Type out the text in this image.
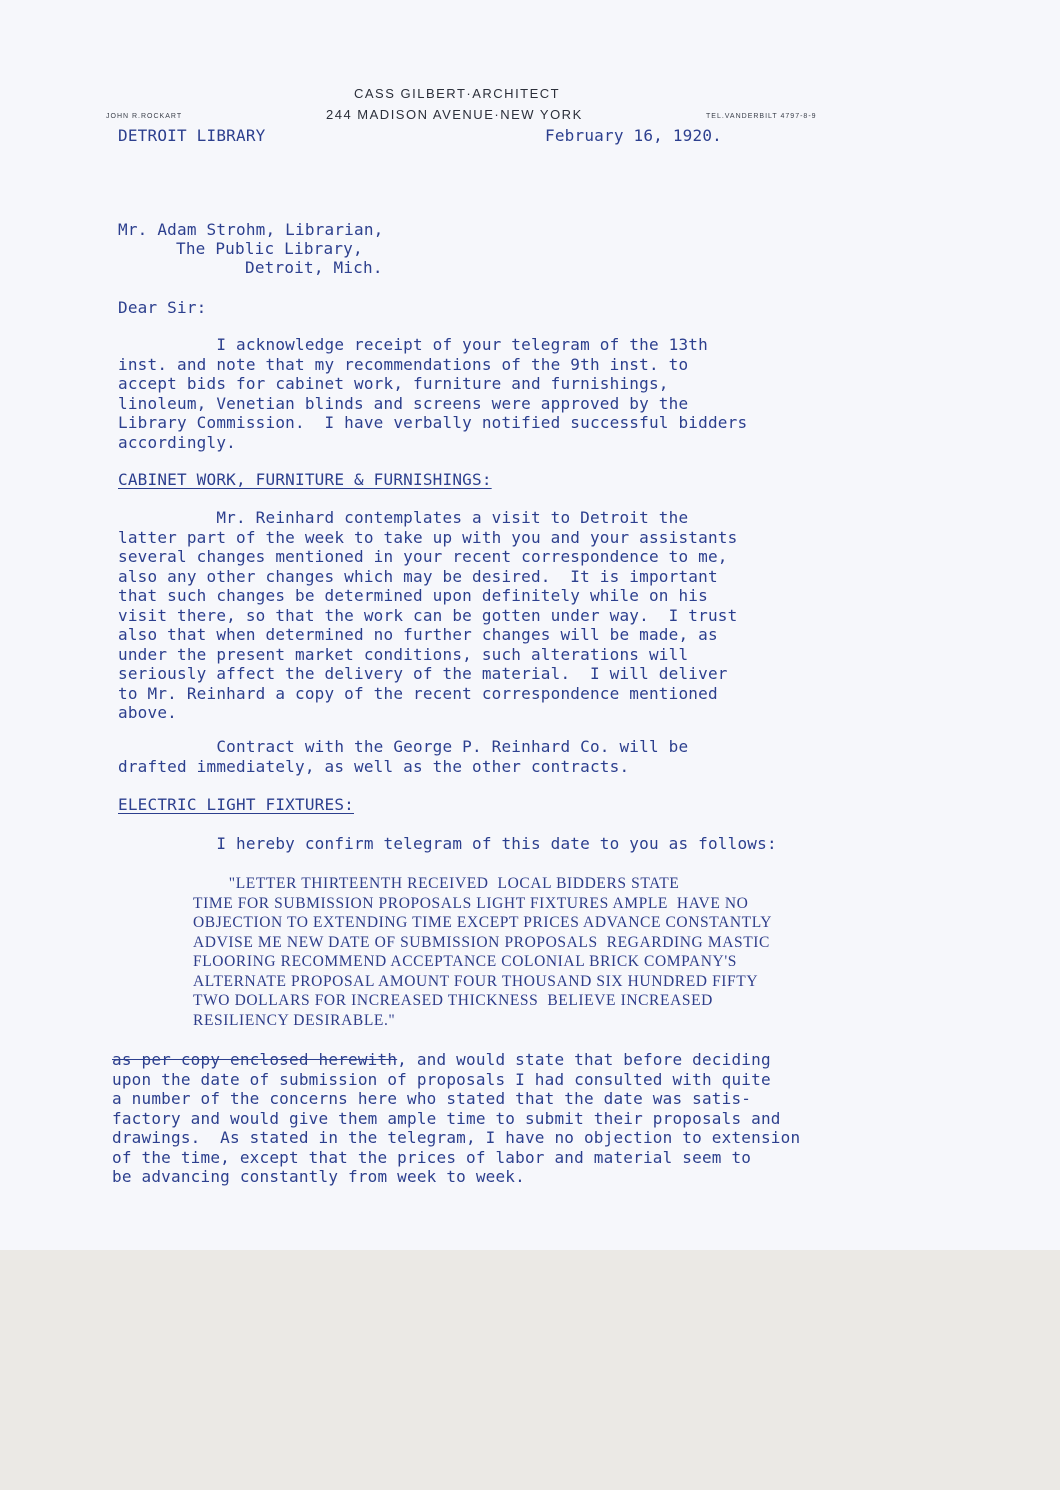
CASS GILBERT·ARCHITECT
244 MADISON AVENUE·NEW YORK
JOHN R.ROCKART	TEL.VANDERBILT 4797-8-9
DETROIT LIBRARY	February 16, 1920.
Mr. Adam Strohm, Librarian,
The Public Library,
Detroit, Mich.
Dear Sir:
I acknowledge receipt of your telegram of the 13th
inst. and note that my recommendations of the 9th inst. to
accept bids for cabinet work, furniture and furnishings,
linoleum, Venetian blinds and screens were approved by the
Library Commission.  I have verbally notified successful bidders
accordingly.
CABINET WORK, FURNITURE & FURNISHINGS:
Mr. Reinhard contemplates a visit to Detroit the
latter part of the week to take up with you and your assistants
several changes mentioned in your recent correspondence to me,
also any other changes which may be desired.  It is important
that such changes be determined upon definitely while on his
visit there, so that the work can be gotten under way.  I trust
also that when determined no further changes will be made, as
under the present market conditions, such alterations will
seriously affect the delivery of the material.  I will deliver
to Mr. Reinhard a copy of the recent correspondence mentioned
above.
Contract with the George P. Reinhard Co. will be
drafted immediately, as well as the other contracts.
ELECTRIC LIGHT FIXTURES:
I hereby confirm telegram of this date to you as follows:
"LETTER THIRTEENTH RECEIVED  LOCAL BIDDERS STATE
TIME FOR SUBMISSION PROPOSALS LIGHT FIXTURES AMPLE  HAVE NO
OBJECTION TO EXTENDING TIME EXCEPT PRICES ADVANCE CONSTANTLY
ADVISE ME NEW DATE OF SUBMISSION PROPOSALS  REGARDING MASTIC
FLOORING RECOMMEND ACCEPTANCE COLONIAL BRICK COMPANY'S
ALTERNATE PROPOSAL AMOUNT FOUR THOUSAND SIX HUNDRED FIFTY
TWO DOLLARS FOR INCREASED THICKNESS  BELIEVE INCREASED
RESILIENCY DESIRABLE."
as per copy enclosed herewith, and would state that before deciding
upon the date of submission of proposals I had consulted with quite
a number of the concerns here who stated that the date was satis-
factory and would give them ample time to submit their proposals and
drawings.  As stated in the telegram, I have no objection to extension
of the time, except that the prices of labor and material seem to
be advancing constantly from week to week.
